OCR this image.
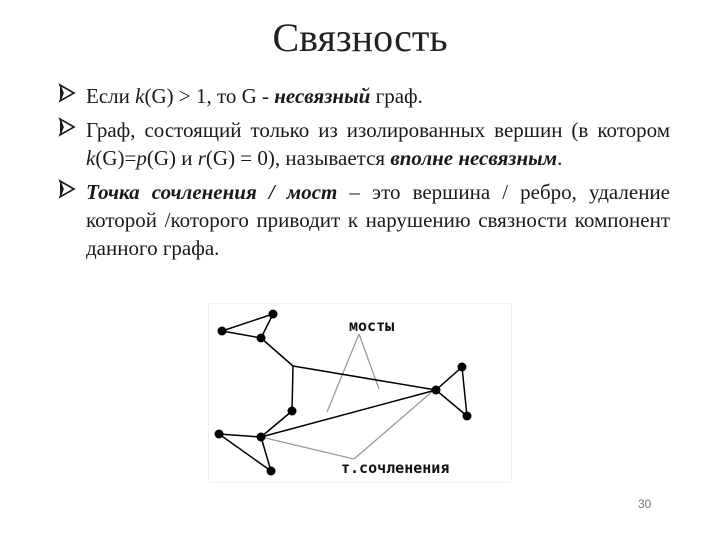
Связность
Если k(G) > 1, то G - несвязный граф.
Граф, состоящий только из изолированных вершин (в котором k(G)=p(G) и r(G) = 0), называется вполне несвязным.
Точка сочленения / мост – это вершина / ребро, удаление которой /которого приводит к нарушению связности компонент данного графа.
мосты
т.сочленения
30
